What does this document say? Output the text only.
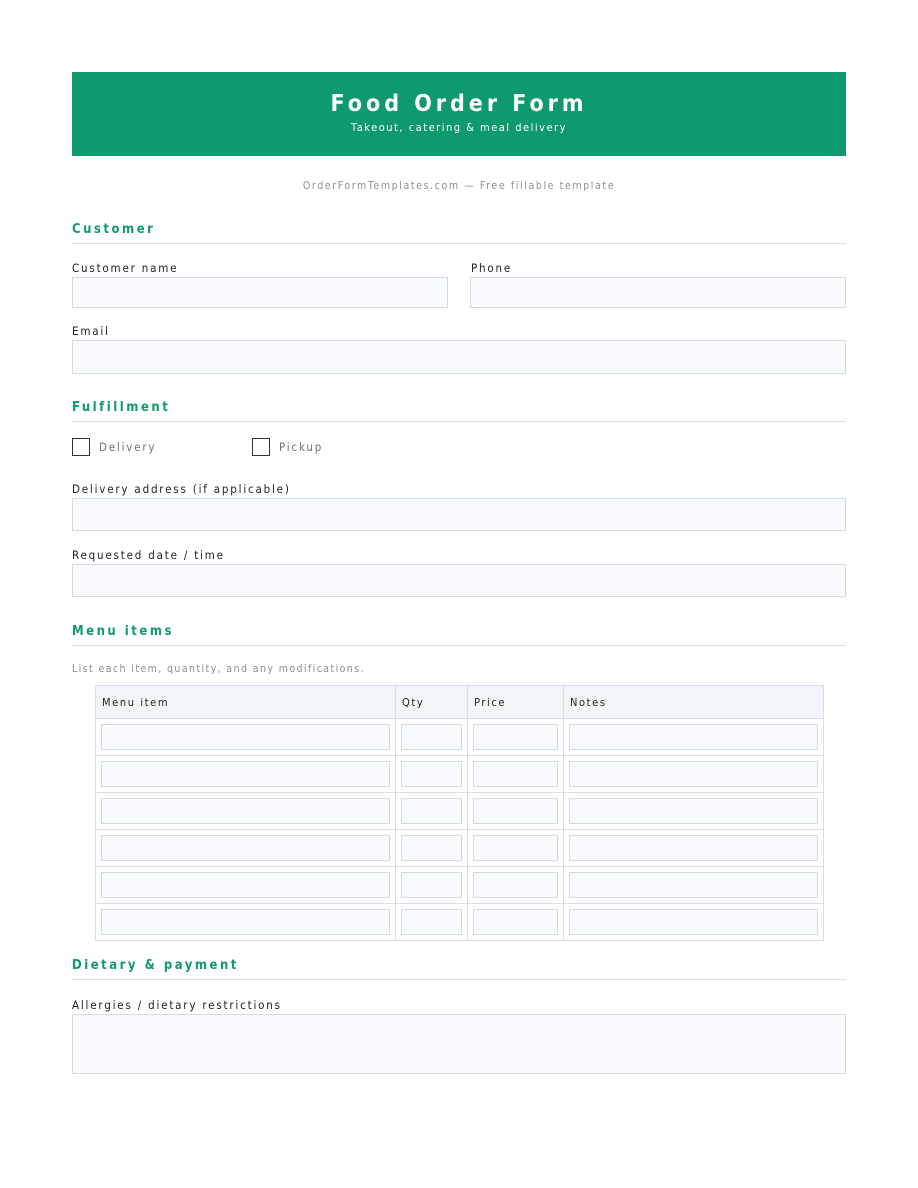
Food Order Form
Takeout, catering & meal delivery
OrderFormTemplates.com — Free fillable template
Customer
Customer name	Phone
Email
Fulfillment
Delivery	Pickup
Delivery address (if applicable)
Requested date / time
Menu items
List each item, quantity, and any modifications.
Menu item	Qty	Price	Notes

Dietary & payment
Allergies / dietary restrictions
